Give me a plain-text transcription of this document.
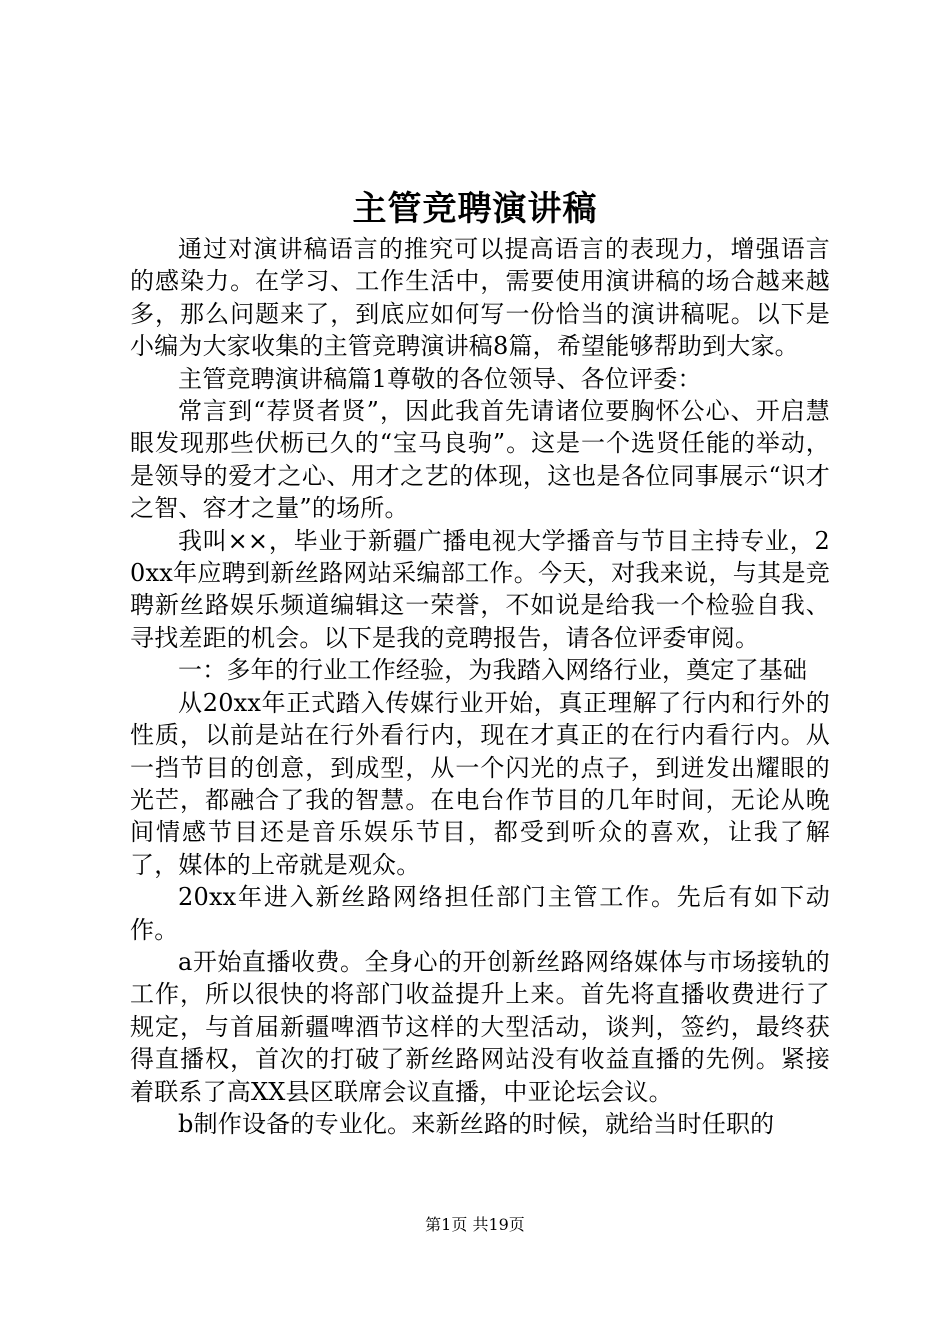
主管竞聘演讲稿

通过对演讲稿语言的推究可以提高语言的表现力，增强语言的感染力。在学习、工作生活中，需要使用演讲稿的场合越来越多，那么问题来了，到底应如何写一份恰当的演讲稿呢。以下是小编为大家收集的主管竞聘演讲稿8篇，希望能够帮助到大家。

主管竞聘演讲稿篇1尊敬的各位领导、各位评委：

常言到“荐贤者贤”，因此我首先请诸位要胸怀公心、开启慧眼发现那些伏枥已久的“宝马良驹”。这是一个选贤任能的举动，是领导的爱才之心、用才之艺的体现，这也是各位同事展示“识才之智、容才之量”的场所。

我叫××，毕业于新疆广播电视大学播音与节目主持专业，20xx年应聘到新丝路网站采编部工作。今天，对我来说，与其是竞聘新丝路娱乐频道编辑这一荣誉，不如说是给我一个检验自我、寻找差距的机会。以下是我的竞聘报告，请各位评委审阅。

一：多年的行业工作经验，为我踏入网络行业，奠定了基础

从20xx年正式踏入传媒行业开始，真正理解了行内和行外的性质，以前是站在行外看行内，现在才真正的在行内看行内。从一挡节目的创意，到成型，从一个闪光的点子，到迸发出耀眼的光芒，都融合了我的智慧。在电台作节目的几年时间，无论从晚间情感节目还是音乐娱乐节目，都受到听众的喜欢，让我了解了，媒体的上帝就是观众。

20xx年进入新丝路网络担任部门主管工作。先后有如下动作。

a开始直播收费。全身心的开创新丝路网络媒体与市场接轨的工作，所以很快的将部门收益提升上来。首先将直播收费进行了规定，与首届新疆啤酒节这样的大型活动，谈判，签约，最终获得直播权，首次的打破了新丝路网站没有收益直播的先例。紧接着联系了高XX县区联席会议直播，中亚论坛会议。

b制作设备的专业化。来新丝路的时候，就给当时任职的

第1页 共19页
